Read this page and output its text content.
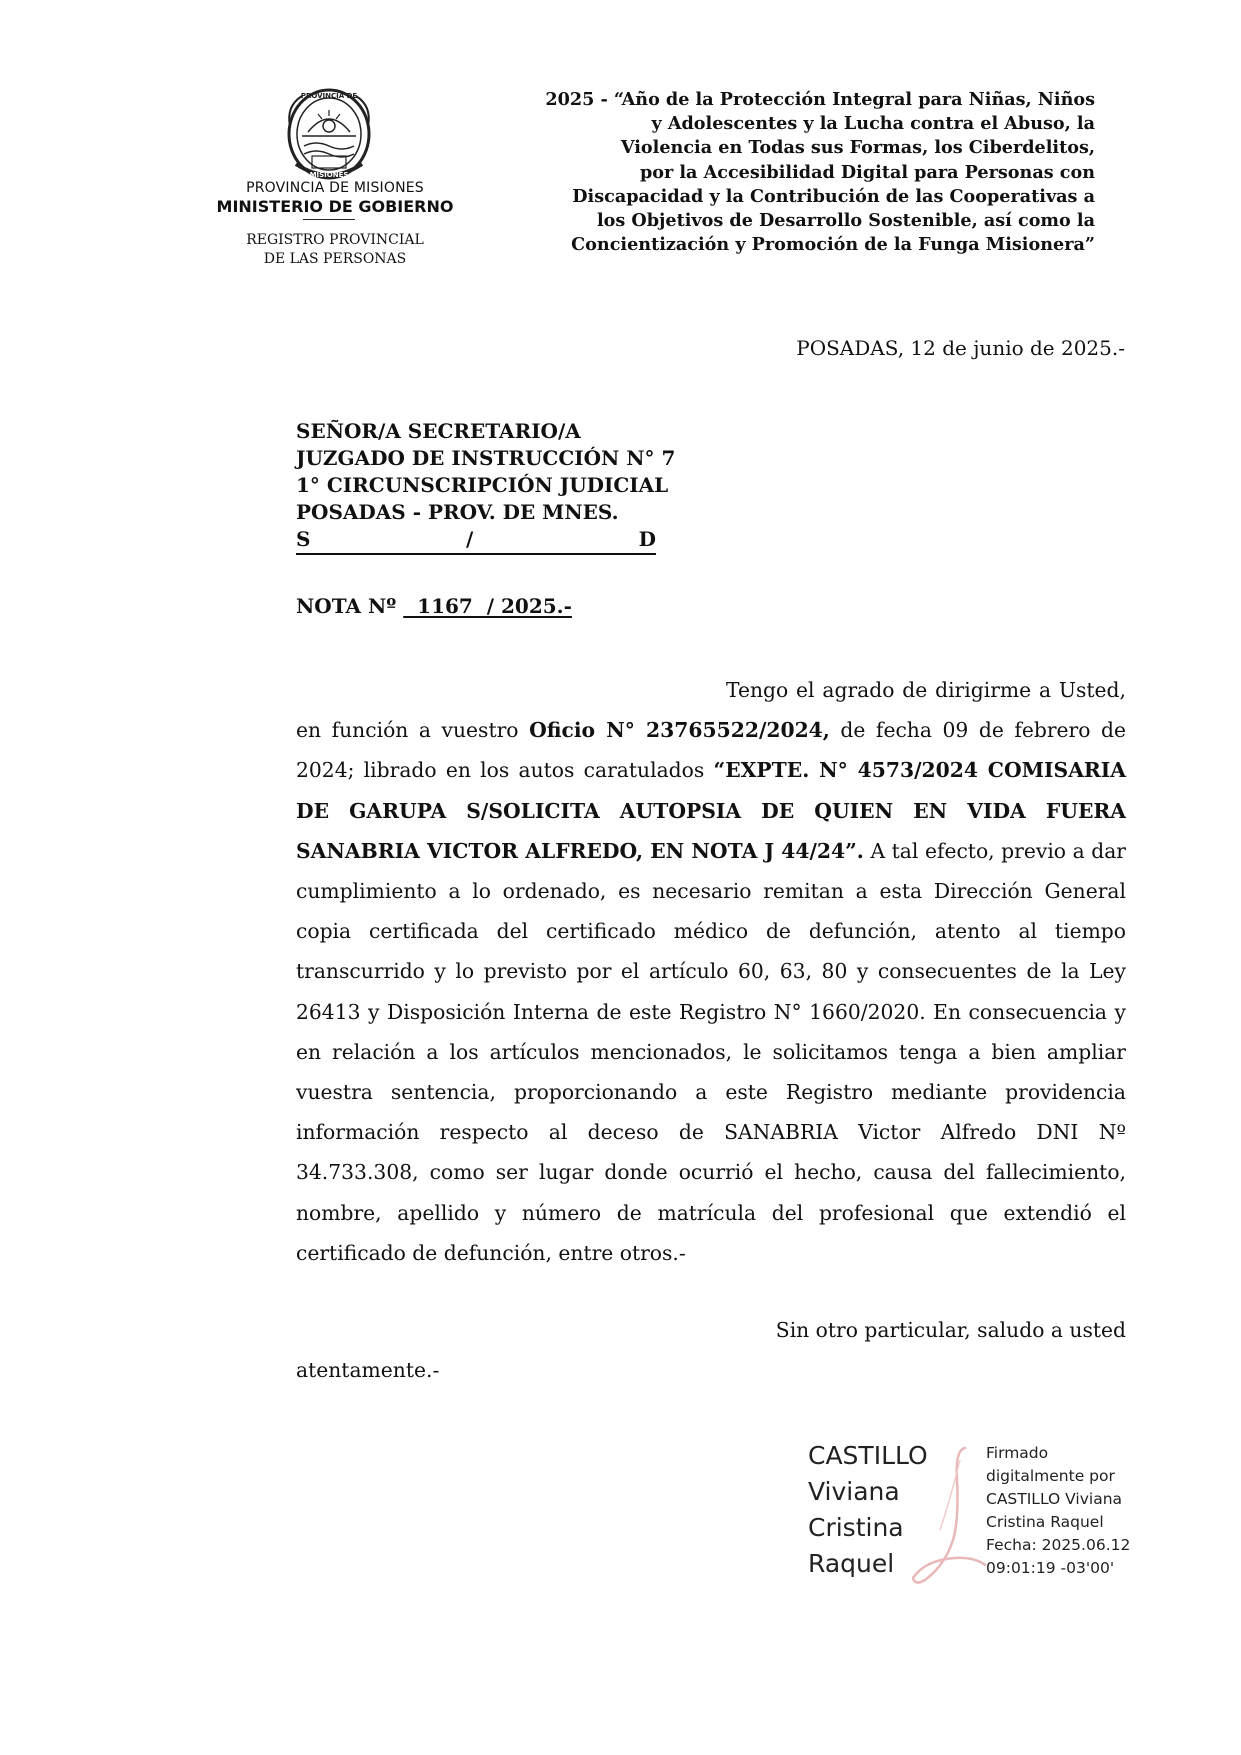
PROVINCIA DE
MISIONES
PROVINCIA DE MISIONES
MINISTERIO DE GOBIERNO
REGISTRO PROVINCIAL
DE LAS PERSONAS
2025 - “Año de la Protección Integral para Niñas, Niños
y Adolescentes y la Lucha contra el Abuso, la
Violencia en Todas sus Formas, los Ciberdelitos,
por la Accesibilidad Digital para Personas con
Discapacidad y la Contribución de las Cooperativas a
los Objetivos de Desarrollo Sostenible, así como la
Concientización y Promoción de la Funga Misionera”
POSADAS, 12 de junio de 2025.-
SEÑOR/A SECRETARIO/A
JUZGADO DE INSTRUCCIÓN N° 7
1° CIRCUNSCRIPCIÓN JUDICIAL
POSADAS - PROV. DE MNES.
S	/	D
NOTA Nº   1167  / 2025.-

Tengo el agrado de dirigirme a Usted, en función a vuestro Oficio N° 23765522/2024, de fecha 09 de febrero de 2024; librado en los autos caratulados “EXPTE. N° 4573/2024 COMISARIA DE GARUPA S/SOLICITA AUTOPSIA DE QUIEN EN VIDA FUERA SANABRIA VICTOR ALFREDO, EN NOTA J 44/24”. A tal efecto, previo a dar cumplimiento a lo ordenado, es necesario remitan a esta Dirección General copia certificada del certificado médico de defunción, atento al tiempo transcurrido y lo previsto por el artículo 60, 63, 80 y consecuentes de la Ley 26413 y Disposición Interna de este Registro N° 1660/2020. En consecuencia y en relación a los artículos mencionados, le solicitamos tenga a bien ampliar vuestra sentencia, proporcionando a este Registro mediante providencia información respecto al deceso de SANABRIA Victor Alfredo DNI Nº 34.733.308, como ser lugar donde ocurrió el hecho, causa del fallecimiento, nombre, apellido y número de matrícula del profesional que extendió el certificado de defunción, entre otros.-

Sin otro particular, saludo a usted
atentamente.-
CASTILLO
Viviana
Cristina
Raquel
Firmado
digitalmente por
CASTILLO Viviana
Cristina Raquel
Fecha: 2025.06.12
09:01:19 -03'00'
